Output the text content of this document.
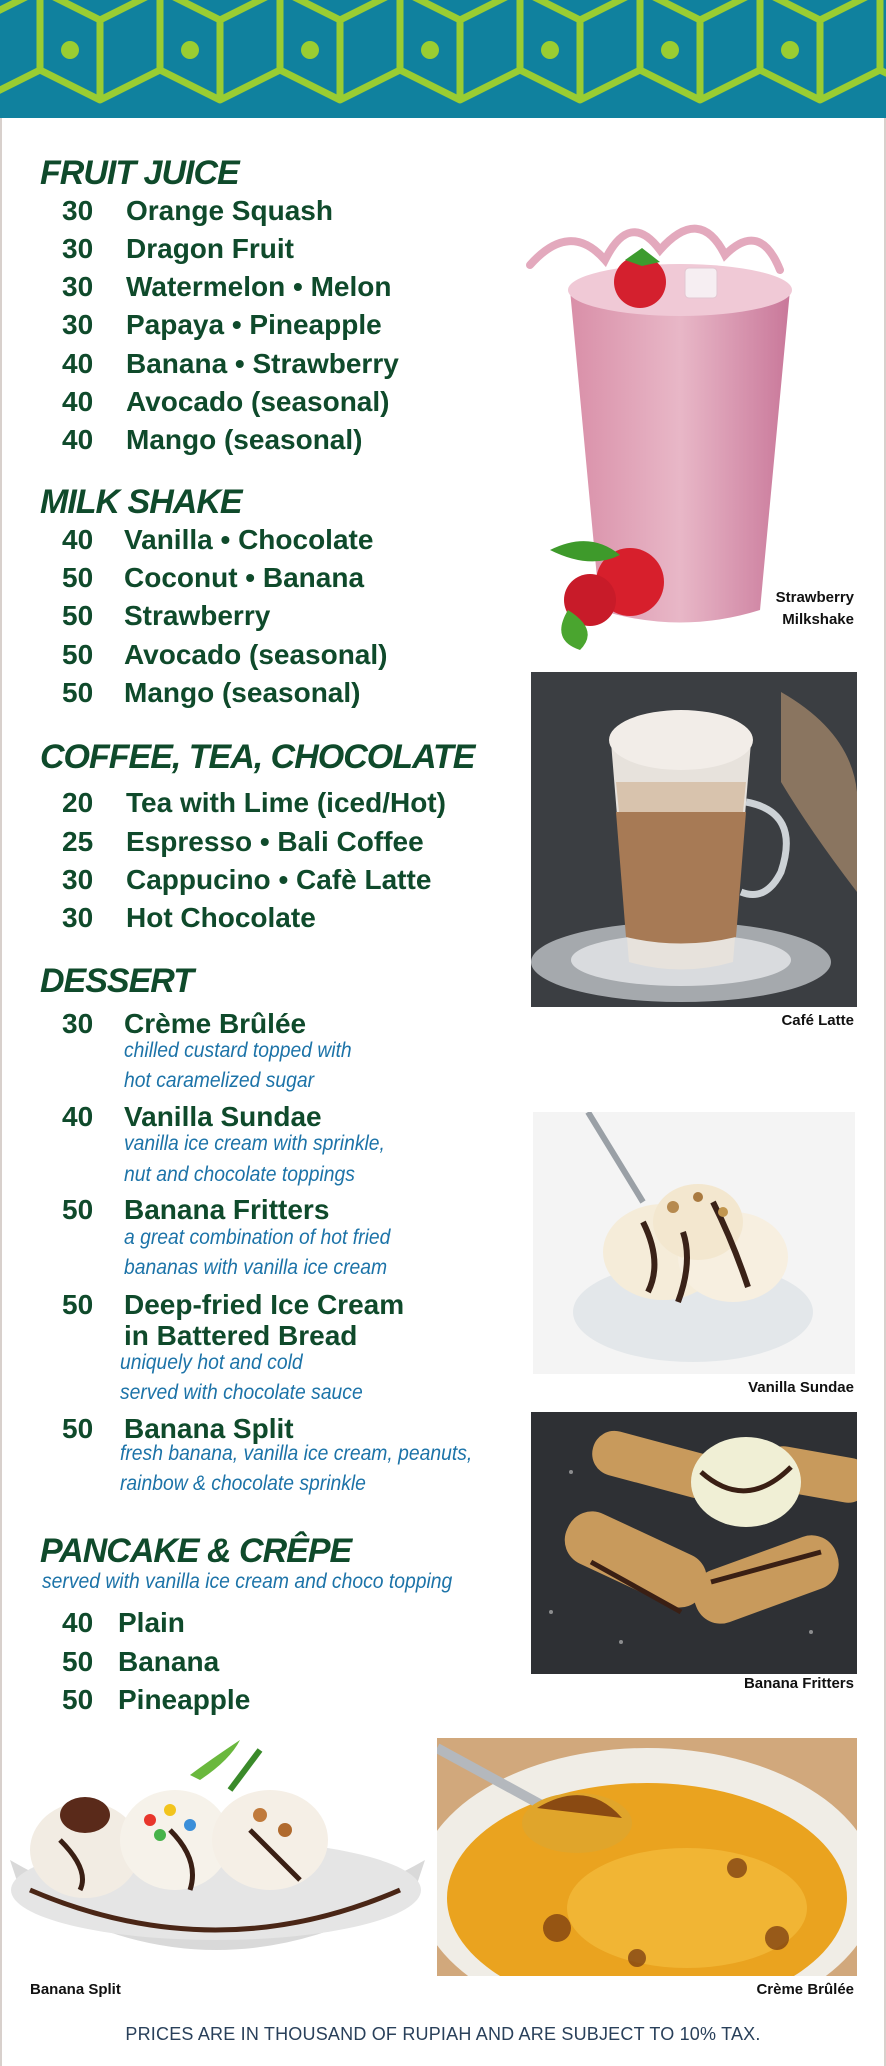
FRUIT JUICE
30 Orange Squash
30 Dragon Fruit
30 Watermelon • Melon
30 Papaya • Pineapple
40 Banana • Strawberry
40 Avocado (seasonal)
40 Mango (seasonal)
MILK SHAKE
40 Vanilla • Chocolate
50 Coconut • Banana
50 Strawberry
50 Avocado (seasonal)
50 Mango (seasonal)
COFFEE, TEA, CHOCOLATE
20 Tea with Lime (iced/Hot)
25 Espresso • Bali Coffee
30 Cappucino • Cafè Latte
30 Hot Chocolate
DESSERT
30 Crème Brûlée
chilled custard topped with
hot caramelized sugar
40 Vanilla Sundae
vanilla ice cream with sprinkle,
nut and chocolate toppings
50 Banana Fritters
a great combination of hot fried
bananas with vanilla ice cream
50 Deep-fried Ice Cream
in Battered Bread
uniquely hot and cold
served with chocolate sauce
50 Banana Split
fresh banana, vanilla ice cream, peanuts,
rainbow & chocolate sprinkle
PANCAKE & CRÊPE
served with vanilla ice cream and choco topping
40 Plain
50 Banana
50 Pineapple
Strawberry
Milkshake
Café Latte
Vanilla Sundae
Banana Fritters
Banana Split	Crème Brûlée
PRICES ARE IN THOUSAND OF RUPIAH AND ARE SUBJECT TO 10% TAX.
